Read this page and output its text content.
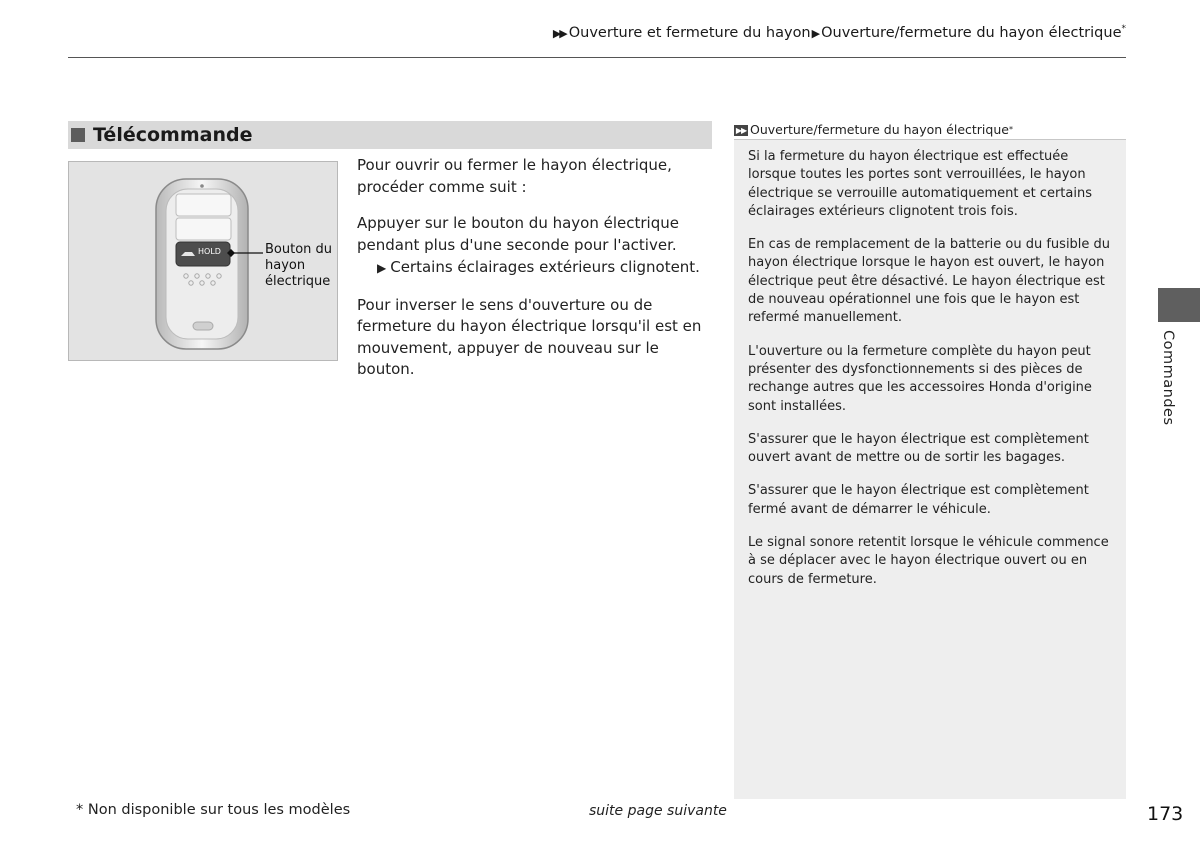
▶▶ Ouverture et fermeture du hayon▶Ouverture/fermeture du hayon électrique*
Télécommande
HOLD	Bouton du
hayon
électrique

Pour ouvrir ou fermer le hayon électrique, procéder comme suit :

Appuyer sur le bouton du hayon électrique pendant plus d'une seconde pour l'activer.

▶ Certains éclairages extérieurs clignotent.

Pour inverser le sens d'ouverture ou de fermeture du hayon électrique lorsqu'il est en mouvement, appuyer de nouveau sur le bouton.

▶▶ Ouverture/fermeture du hayon électrique *

Si la fermeture du hayon électrique est effectuée lorsque toutes les portes sont verrouillées, le hayon électrique se verrouille automatiquement et certains éclairages extérieurs clignotent trois fois.

En cas de remplacement de la batterie ou du fusible du hayon électrique lorsque le hayon est ouvert, le hayon électrique peut être désactivé. Le hayon électrique est de nouveau opérationnel une fois que le hayon est refermé manuellement.

L'ouverture ou la fermeture complète du hayon peut présenter des dysfonctionnements si des pièces de rechange autres que les accessoires Honda d'origine sont installées.

S'assurer que le hayon électrique est complètement ouvert avant de mettre ou de sortir les bagages.

S'assurer que le hayon électrique est complètement fermé avant de démarrer le véhicule.

Le signal sonore retentit lorsque le véhicule commence à se déplacer avec le hayon électrique ouvert ou en cours de fermeture.

Commandes
* Non disponible sur tous les modèles	suite page suivante	173
